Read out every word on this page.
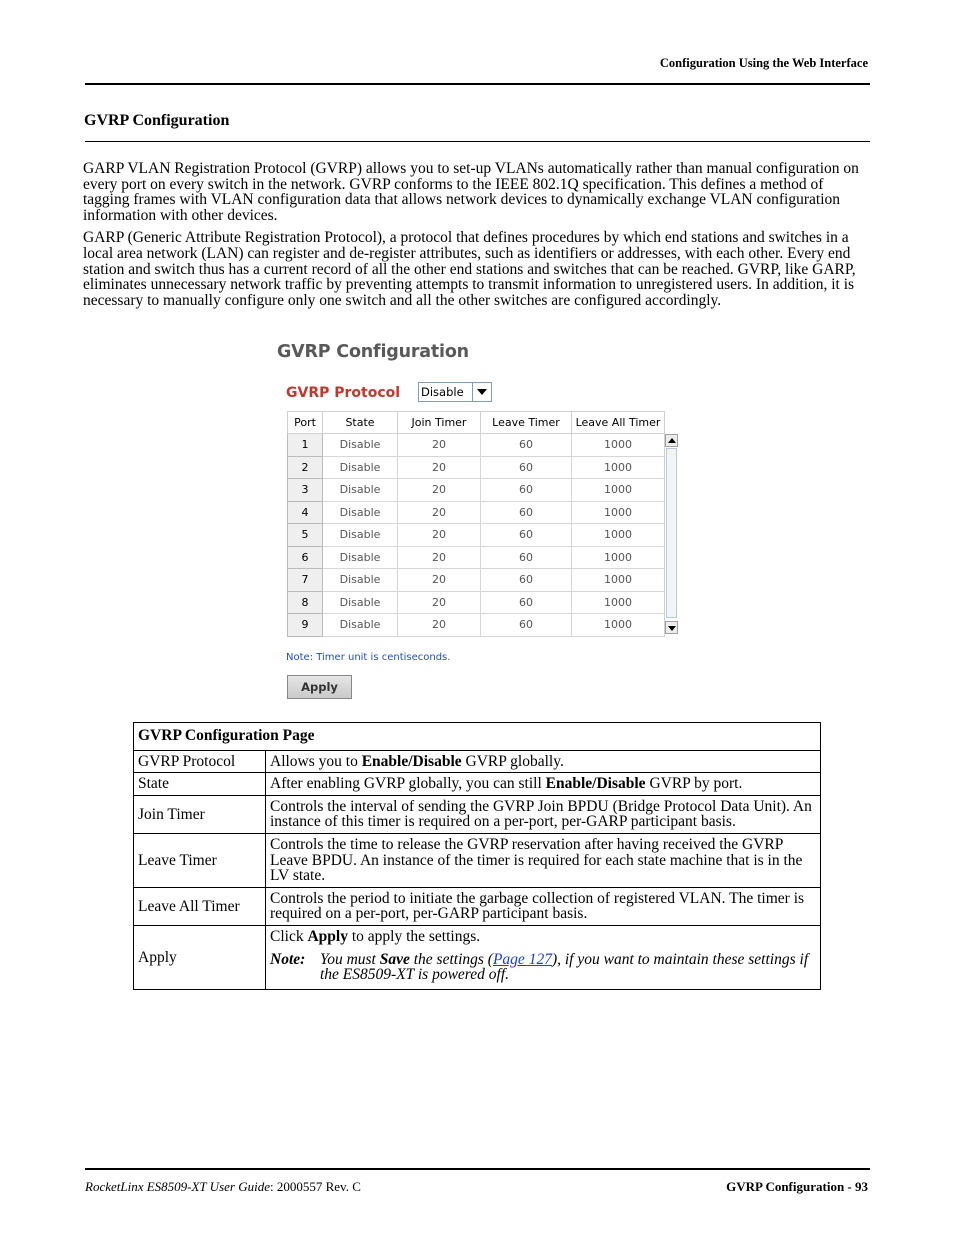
Configuration Using the Web Interface
GVRP Configuration

GARP VLAN Registration Protocol (GVRP) allows you to set-up VLANs automatically rather than manual configuration on every port on every switch in the network. GVRP conforms to the IEEE 802.1Q specification. This defines a method of tagging frames with VLAN configuration data that allows network devices to dynamically exchange VLAN configuration information with other devices.

GARP (Generic Attribute Registration Protocol), a protocol that defines procedures by which end stations and switches in a local area network (LAN) can register and de-register attributes, such as identifiers or addresses, with each other. Every end station and switch thus has a current record of all the other end stations and switches that can be reached. GVRP, like GARP, eliminates unnecessary network traffic by preventing attempts to transmit information to unregistered users. In addition, it is necessary to manually configure only one switch and all the other switches are configured accordingly.

GVRP Configuration
GVRP Protocol Disable
Port	State	Join Timer	Leave Timer	Leave All Timer	
1	Disable	20	60	1000	
2	Disable	20	60	1000	
3	Disable	20	60	1000	
4	Disable	20	60	1000	
5	Disable	20	60	1000	
6	Disable	20	60	1000	
7	Disable	20	60	1000	
8	Disable	20	60	1000	
9	Disable	20	60	1000	
Note: Timer unit is centiseconds.
Apply
GVRP Configuration Page	
GVRP Protocol	Allows you to Enable/Disable GVRP globally.
State	After enabling GVRP globally, you can still Enable/Disable GVRP by port.
Join Timer	Controls the interval of sending the GVRP Join BPDU (Bridge Protocol Data Unit). An instance of this timer is required on a per-port, per-GARP participant basis.
Leave Timer	Controls the time to release the GVRP reservation after having received the GVRP Leave BPDU. An instance of the timer is required for each state machine that is in the LV state.
Leave All Timer	Controls the period to initiate the garbage collection of registered VLAN. The timer is required on a per-port, per-GARP participant basis.
Apply	Click Apply to apply the settings.
Note: You must Save the settings (Page 127), if you want to maintain these settings if the ES8509-XT is powered off.
RocketLinx ES8509-XT User Guide: 2000557 Rev. C	GVRP Configuration - 93
